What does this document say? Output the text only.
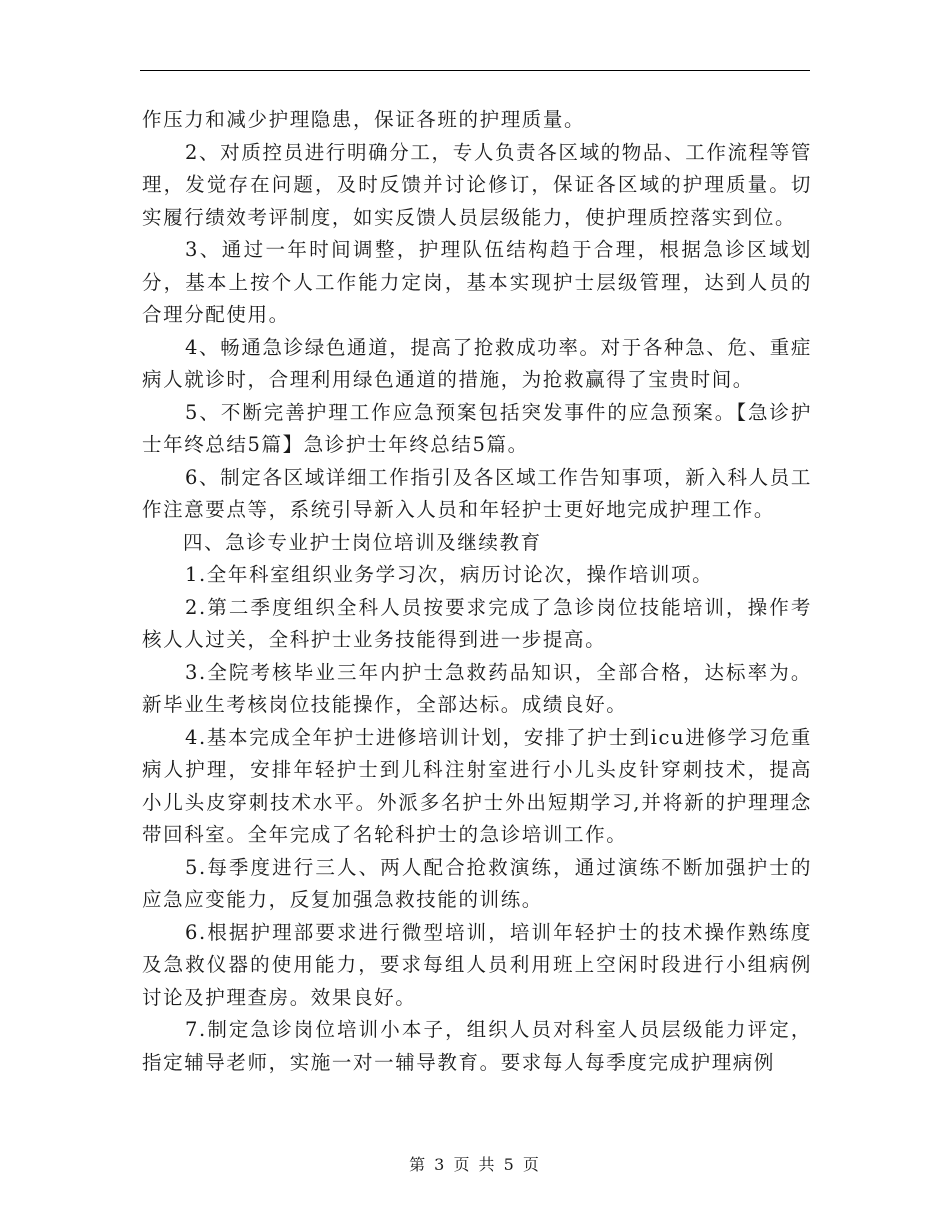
作压力和减少护理隐患，保证各班的护理质量。

2、对质控员进行明确分工，专人负责各区域的物品、工作流程等管理，发觉存在问题，及时反馈并讨论修订，保证各区域的护理质量。切实履行绩效考评制度，如实反馈人员层级能力，使护理质控落实到位。

3、通过一年时间调整，护理队伍结构趋于合理，根据急诊区域划分，基本上按个人工作能力定岗，基本实现护士层级管理，达到人员的合理分配使用。

4、畅通急诊绿色通道，提高了抢救成功率。对于各种急、危、重症病人就诊时，合理利用绿色通道的措施，为抢救赢得了宝贵时间。

5、不断完善护理工作应急预案包括突发事件的应急预案。【急诊护士年终总结5篇】急诊护士年终总结5篇。

6、制定各区域详细工作指引及各区域工作告知事项，新入科人员工作注意要点等，系统引导新入人员和年轻护士更好地完成护理工作。

四、急诊专业护士岗位培训及继续教育

1.全年科室组织业务学习次，病历讨论次，操作培训项。

2.第二季度组织全科人员按要求完成了急诊岗位技能培训，操作考核人人过关，全科护士业务技能得到进一步提高。

3.全院考核毕业三年内护士急救药品知识，全部合格，达标率为。新毕业生考核岗位技能操作，全部达标。成绩良好。

4.基本完成全年护士进修培训计划，安排了护士到icu进修学习危重病人护理，安排年轻护士到儿科注射室进行小儿头皮针穿刺技术，提高小儿头皮穿刺技术水平。外派多名护士外出短期学习,并将新的护理理念带回科室。全年完成了名轮科护士的急诊培训工作。

5.每季度进行三人、两人配合抢救演练，通过演练不断加强护士的应急应变能力，反复加强急救技能的训练。

6.根据护理部要求进行微型培训，培训年轻护士的技术操作熟练度及急救仪器的使用能力，要求每组人员利用班上空闲时段进行小组病例讨论及护理查房。效果良好。

7.制定急诊岗位培训小本子，组织人员对科室人员层级能力评定，指定辅导老师，实施一对一辅导教育。要求每人每季度完成护理病例

第 3 页 共 5 页
